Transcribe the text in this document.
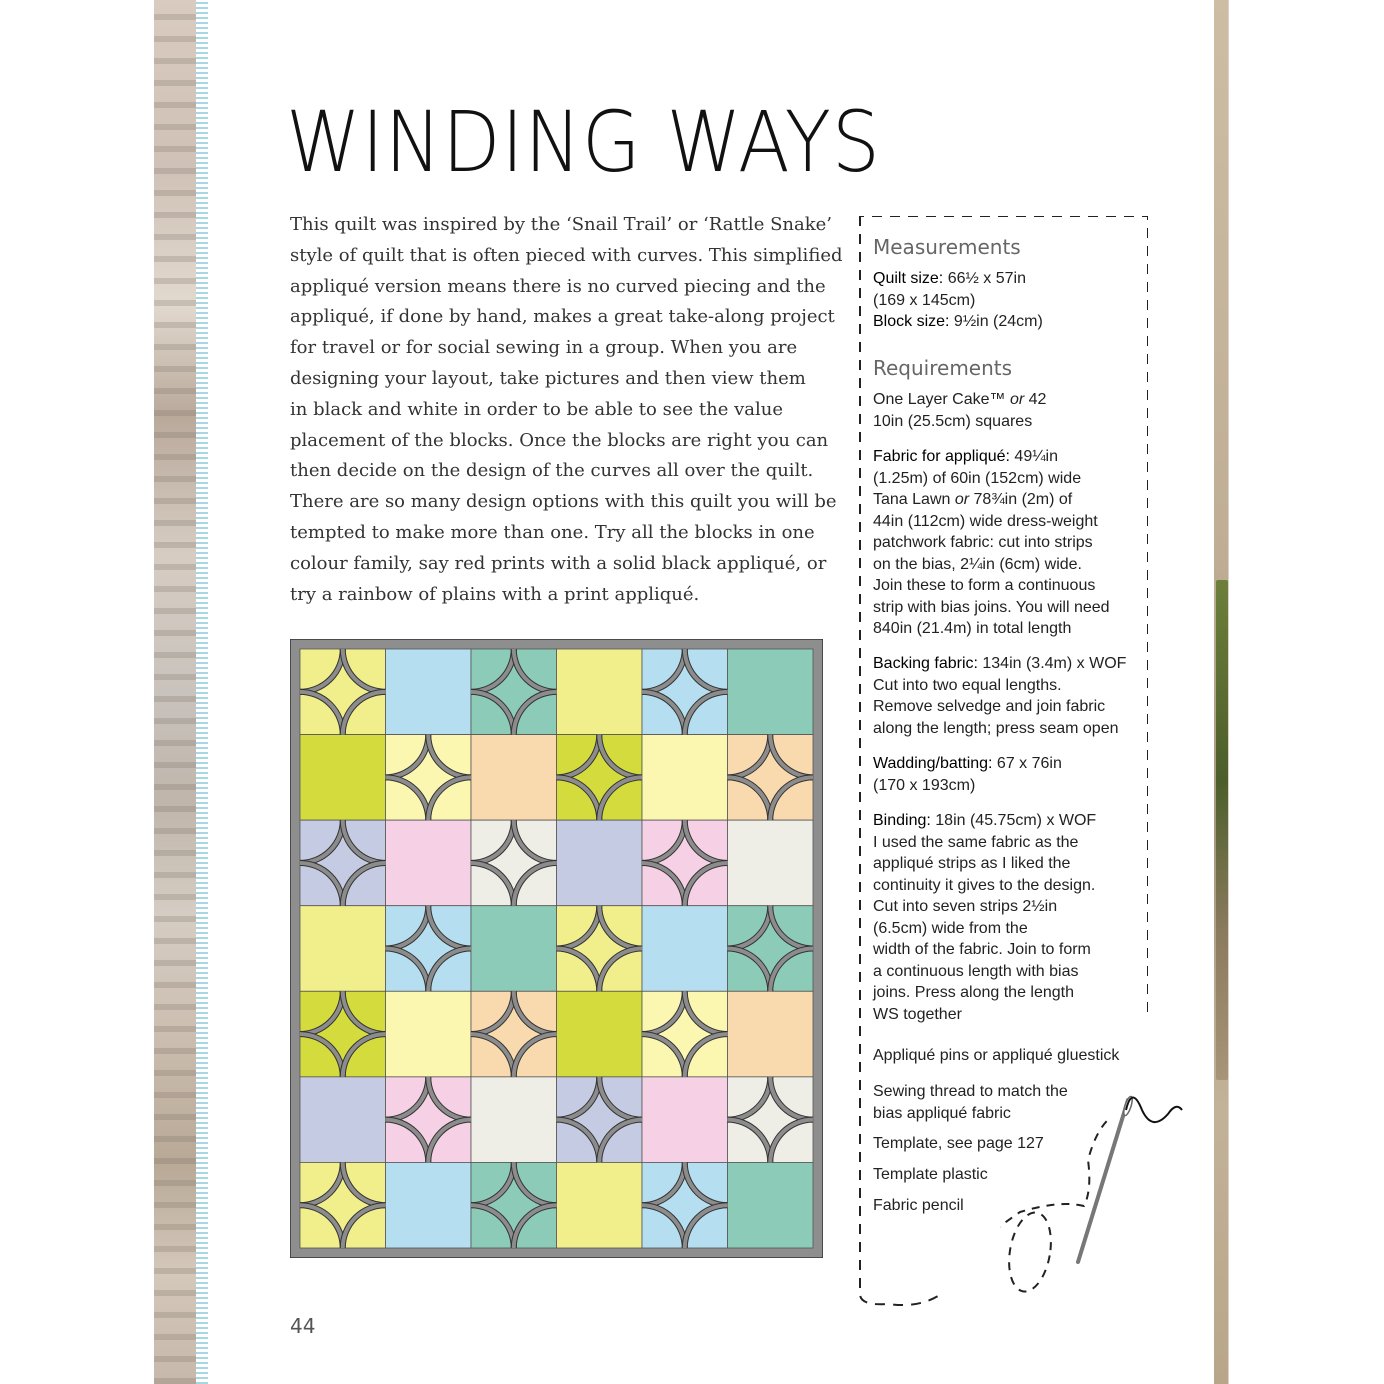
WINDING WAYS
This quilt was inspired by the ‘Snail Trail’ or ‘Rattle Snake’
style of quilt that is often pieced with curves. This simplified
appliqué version means there is no curved piecing and the
appliqué, if done by hand, makes a great take-along project
for travel or for social sewing in a group. When you are
designing your layout, take pictures and then view them
in black and white in order to be able to see the value
placement of the blocks. Once the blocks are right you can
then decide on the design of the curves all over the quilt.
There are so many design options with this quilt you will be
tempted to make more than one. Try all the blocks in one
colour family, say red prints with a solid black appliqué, or
try a rainbow of plains with a print appliqué.
Measurements
Quilt size: 66½ x 57in
(169 x 145cm)
Block size: 9½in (24cm)
Requirements
One Layer Cake™ or 42
10in (25.5cm) squares
Fabric for appliqué: 49¼in
(1.25m) of 60in (152cm) wide
Tana Lawn or 78¾in (2m) of
44in (112cm) wide dress-weight
patchwork fabric: cut into strips
on the bias, 2¼in (6cm) wide.
Join these to form a continuous
strip with bias joins. You will need
840in (21.4m) in total length
Backing fabric: 134in (3.4m) x WOF
Cut into two equal lengths.
Remove selvedge and join fabric
along the length; press seam open
Wadding/batting: 67 x 76in
(170 x 193cm)
Binding: 18in (45.75cm) x WOF
I used the same fabric as the
appliqué strips as I liked the
continuity it gives to the design.
Cut into seven strips 2½in
(6.5cm) wide from the
width of the fabric. Join to form
a continuous length with bias
joins. Press along the length
WS together
Appliqué pins or appliqué gluestick
Sewing thread to match the
bias appliqué fabric
Template, see page 127
Template plastic
Fabric pencil
44
